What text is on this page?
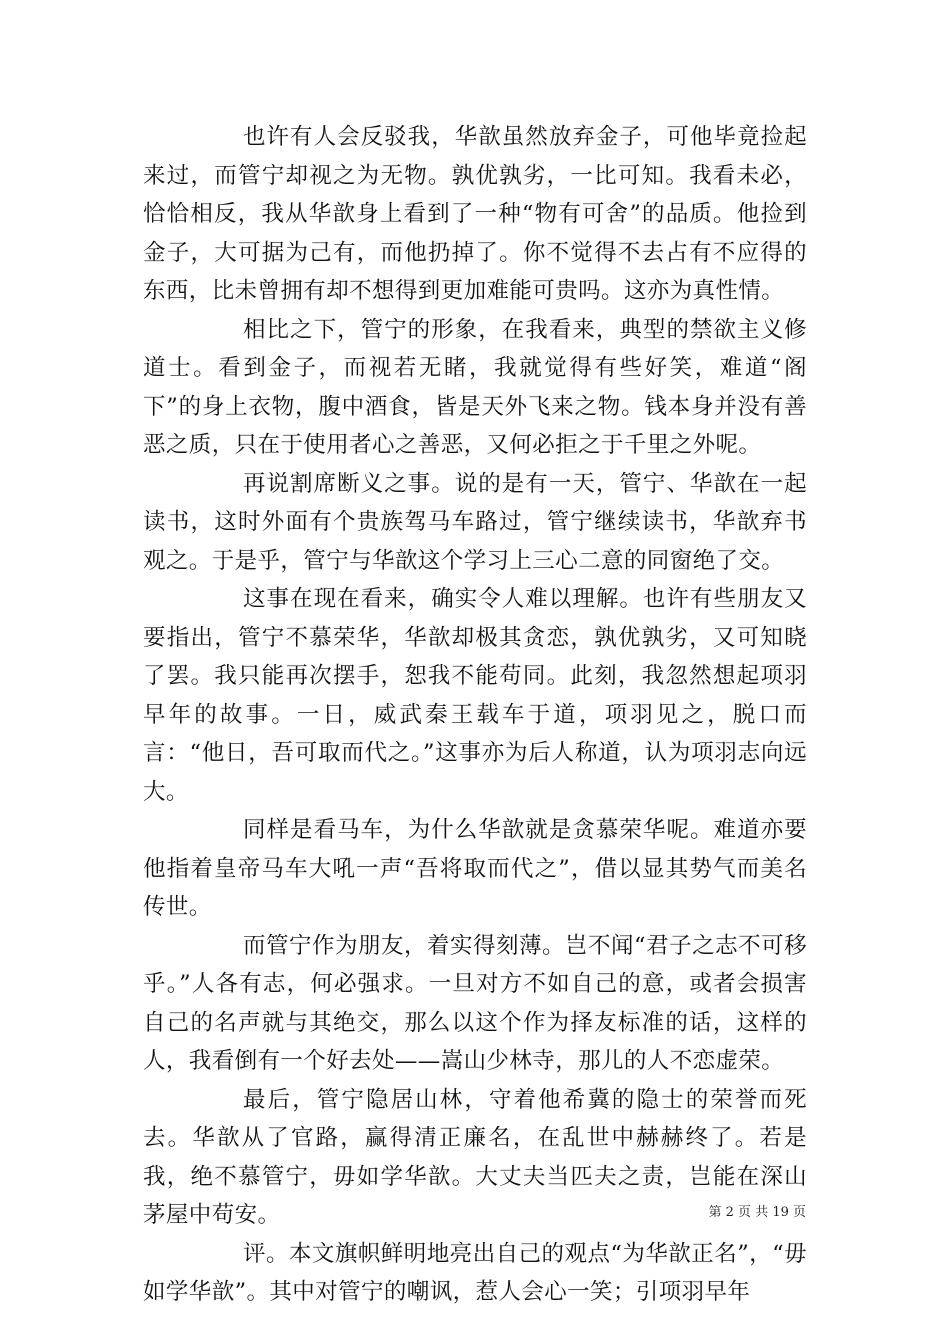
也许有人会反驳我，华歆虽然放弃金子，可他毕竟捡起来过，而管宁却视之为无物。孰优孰劣，一比可知。我看未必，恰恰相反，我从华歆身上看到了一种“物有可舍”的品质。他捡到金子，大可据为己有，而他扔掉了。你不觉得不去占有不应得的东西，比未曾拥有却不想得到更加难能可贵吗。这亦为真性情。

相比之下，管宁的形象，在我看来，典型的禁欲主义修道士。看到金子，而视若无睹，我就觉得有些好笑，难道“阁下”的身上衣物，腹中酒食，皆是天外飞来之物。钱本身并没有善恶之质，只在于使用者心之善恶，又何必拒之于千里之外呢。

再说割席断义之事。说的是有一天，管宁、华歆在一起读书，这时外面有个贵族驾马车路过，管宁继续读书，华歆弃书观之。于是乎，管宁与华歆这个学习上三心二意的同窗绝了交。

这事在现在看来，确实令人难以理解。也许有些朋友又要指出，管宁不慕荣华，华歆却极其贪恋，孰优孰劣，又可知晓了罢。我只能再次摆手，恕我不能苟同。此刻，我忽然想起项羽早年的故事。一日，威武秦王载车于道，项羽见之，脱口而言：“他日，吾可取而代之。”这事亦为后人称道，认为项羽志向远大。

同样是看马车，为什么华歆就是贪慕荣华呢。难道亦要他指着皇帝马车大吼一声“吾将取而代之”，借以显其势气而美名传世。

而管宁作为朋友，着实得刻薄。岂不闻“君子之志不可移乎。”人各有志，何必强求。一旦对方不如自己的意，或者会损害自己的名声就与其绝交，那么以这个作为择友标准的话，这样的人，我看倒有一个好去处——嵩山少林寺，那儿的人不恋虚荣。

最后，管宁隐居山林，守着他希冀的隐士的荣誉而死去。华歆从了官路，赢得清正廉名，在乱世中赫赫终了。若是我，绝不慕管宁，毋如学华歆。大丈夫当匹夫之责，岂能在深山茅屋中苟安。

评。本文旗帜鲜明地亮出自己的观点“为华歆正名”，“毋如学华歆”。其中对管宁的嘲讽，惹人会心一笑；引项羽早年

第 2 页 共 19 页
